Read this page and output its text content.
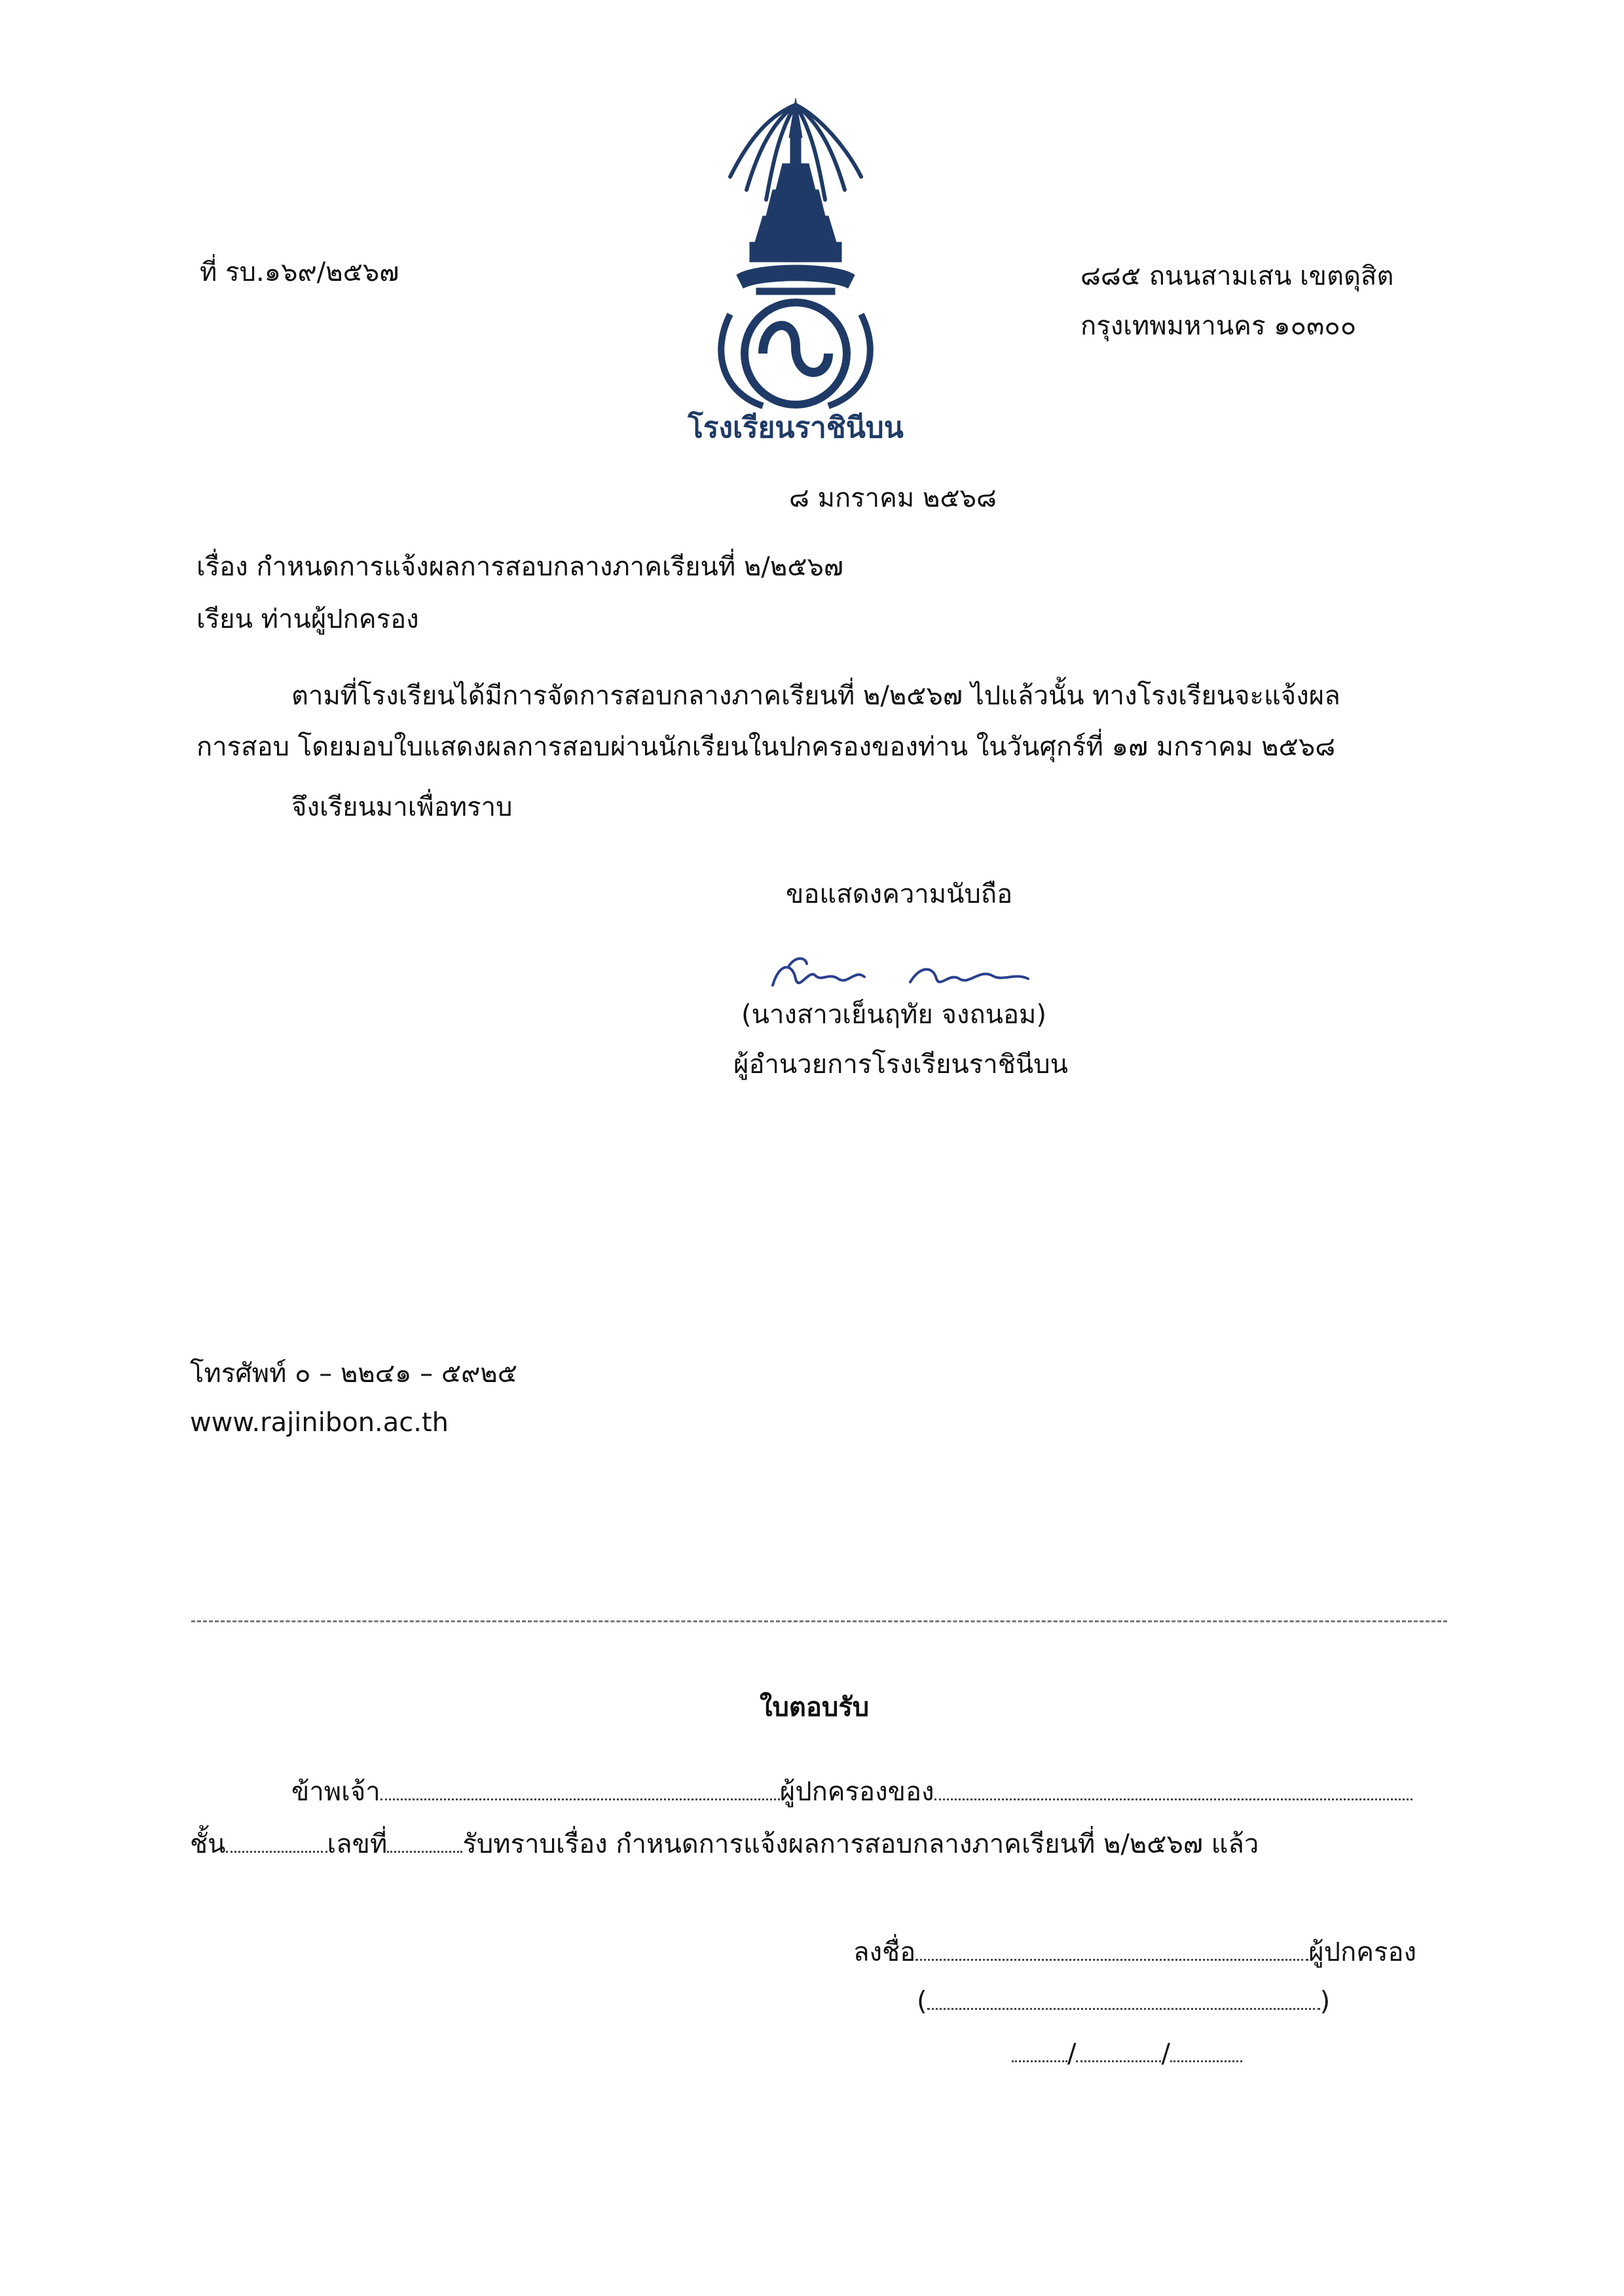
โรงเรียนราชินีบน
ที่ รบ.๑๖๙/๒๕๖๗	๘๘๕ ถนนสามเสน เขตดุสิต
กรุงเทพมหานคร ๑๐๓๐๐
๘ มกราคม ๒๕๖๘
เรื่อง กำหนดการแจ้งผลการสอบกลางภาคเรียนที่ ๒/๒๕๖๗
เรียน ท่านผู้ปกครอง
ตามที่โรงเรียนได้มีการจัดการสอบกลางภาคเรียนที่ ๒/๒๕๖๗ ไปแล้วนั้น ทางโรงเรียนจะแจ้งผล
การสอบ โดยมอบใบแสดงผลการสอบผ่านนักเรียนในปกครองของท่าน ในวันศุกร์ที่ ๑๗ มกราคม ๒๕๖๘
จึงเรียนมาเพื่อทราบ
ขอแสดงความนับถือ
(นางสาวเย็นฤทัย จงถนอม)
ผู้อำนวยการโรงเรียนราชินีบน
โทรศัพท์ ๐ – ๒๒๔๑ – ๕๙๒๕
www.rajinibon.ac.th
ใบตอบรับ
ข้าพเจ้า	ผู้ปกครองของ
ชั้น	เลขที่	รับทราบเรื่อง กำหนดการแจ้งผลการสอบกลางภาคเรียนที่ ๒/๒๕๖๗ แล้ว
ลงชื่อ	ผู้ปกครอง
(	)
/	/
